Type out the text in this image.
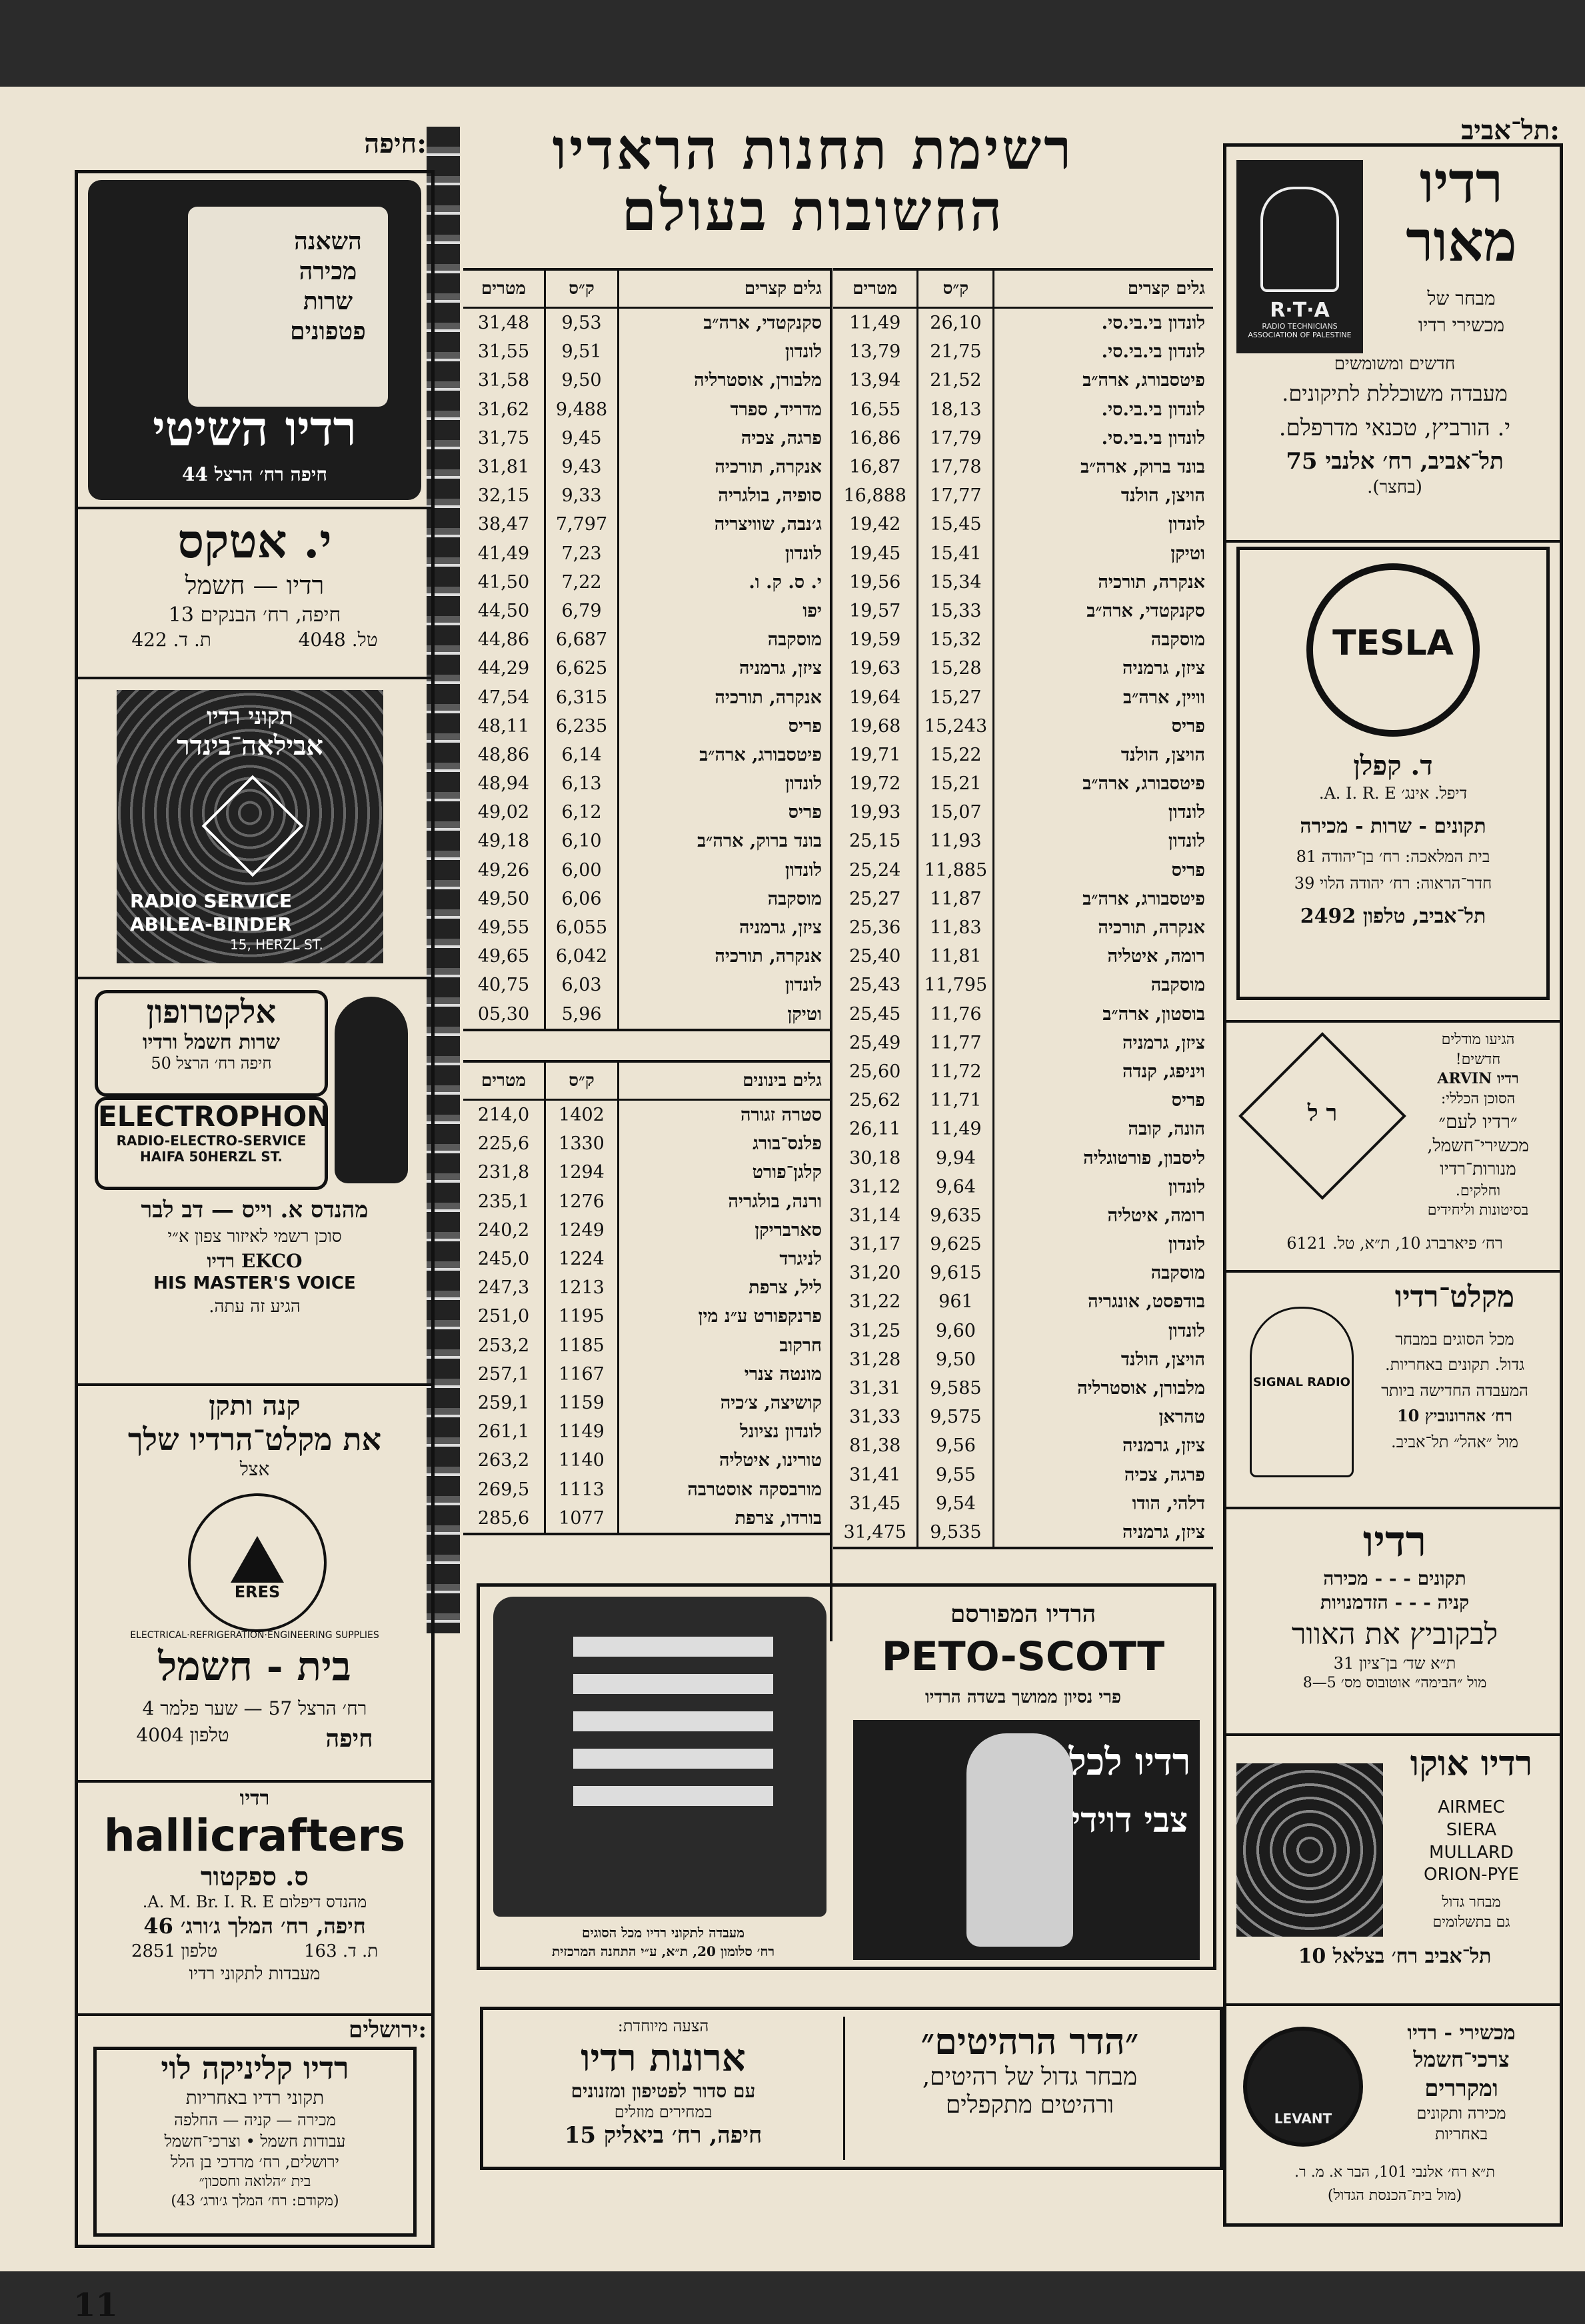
:חיפה	:תל־אביב
רשימת תחנות הראדיו
החשובות בעולם
גלים קצרים
ק״ס
מטרים
לונדון בי.בי.סי.
26,10
11,49
לונדון בי.בי.סי.
21,75
13,79
פיטסבורג, ארה״ב
21,52
13,94
לונדון בי.בי.סי.
18,13
16,55
לונדון בי.בי.סי.
17,79
16,86
בונד ברוק, ארה״ב
17,78
16,87
הויצן, הולנד
17,77
16,888
לונדון
15,45
19,42
וטיקן
15,41
19,45
אנקרה, תורכיה
15,34
19,56
סקנקטדי, ארה״ב
15,33
19,57
מוסקבה
15,32
19,59
ציזן, גרמניה
15,28
19,63
וויין, ארה״ב
15,27
19,64
פריס
15,243
19,68
הויצן, הולנד
15,22
19,71
פיטסבורג, ארה״ב
15,21
19,72
לונדון
15,07
19,93
לונדון
11,93
25,15
פריס
11,885
25,24
פיטסבורג, ארה״ב
11,87
25,27
אנקרה, תורכיה
11,83
25,36
רומה, איטליה
11,81
25,40
מוסקבה
11,795
25,43
בוסטון, ארה״ב
11,76
25,45
ציזן, גרמניה
11,77
25,49
ויניפג, קנדה
11,72
25,60
פריס
11,71
25,62
הונה, קובה
11,49
26,11
ליסבון, פורטוגליה
9,94
30,18
לונדון
9,64
31,12
רומה, איטליה
9,635
31,14
לונדון
9,625
31,17
מוסקבה
9,615
31,20
בודפסט, אונגריה
961
31,22
לונדון
9,60
31,25
הויצן, הולנד
9,50
31,28
מלבורן, אוסטרליה
9,585
31,31
טהראן
9,575
31,33
ציזן, גרמניה
9,56
81,38
פרגה, צכיה
9,55
31,41
דלהי, הודו
9,54
31,45
ציזן, גרמניה
9,535
31,475
גלים קצרים
ק״ס
מטרים
סקנקטדי, ארה״ב
9,53
31,48
לונדון
9,51
31,55
מלבורן, אוסטרליה
9,50
31,58
מדריד, ספרד
9,488
31,62
פרגה, צכיה
9,45
31,75
אנקרה, תורכיה
9,43
31,81
סופיה, בולגריה
9,33
32,15
ג׳נבה, שוויצריה
7,797
38,47
לונדון
7,23
41,49
י. ס. ק. ו.
7,22
41,50
יפו
6,79
44,50
מוסקבה
6,687
44,86
ציזן, גרמניה
6,625
44,29
אנקרה, תורכיה
6,315
47,54
פריס
6,235
48,11
פיטסבורג, ארה״ב
6,14
48,86
לונדון
6,13
48,94
פריס
6,12
49,02
בונד ברוק, ארה״ב
6,10
49,18
לונדון
6,00
49,26
מוסקבה
6,06
49,50
ציזן, גרמניה
6,055
49,55
אנקרה, תורכיה
6,042
49,65
לונדון
6,03
40,75
וטיקן
5,96
05,30
גלים בינונים
ק״ס
מטרים
סטרה זגורה
1402
214,0
פלנס־בורג
1330
225,6
קלגן־פורט
1294
231,8
ורנה, בולגריה
1276
235,1
סארבריקן
1249
240,2
לניגרד
1224
245,0
ליל, צרפת
1213
247,3
פרנקפורט ע״נ מין
1195
251,0
חרקוב
1185
253,2
מונטה צנרי
1167
257,1
קושיצה, צ׳כיה
1159
259,1
לונדון נציונל
1149
261,1
טורינו, איטליה
1140
263,2
מורבסקה אוסטרבה
1113
269,5
בורדו, צרפת
1077
285,6
השאנה
מכירה
שרות
פטפונים
רדיו השיטי
חיפה רח׳ הרצל 44
י. אטקס
רדיו — חשמל
חיפה, רח׳ הבנקים 13
טל. 4048
ת. ד. 422
תקוני רדיו
אבילאה־בינדר
RADIO SERVICE
ABILEA-BINDER
15, HERZL ST.
אלקטרופון
שרות חשמל ורדיו
חיפה רח׳ הרצל 50
ELECTROPHON
RADIO-ELECTRO-SERVICE
HAIFA 50HERZL ST.
מהנדס א. וייס — דב לבר
סוכן רשמי לאיזור צפון א״י
EKCO רדיו
HIS MASTER'S VOICE
הגיע זה עתה.
קנה ותקן
את מקלט־הרדיו שלך
אצל
ERES
ELECTRICAL·REFRIGERATION·ENGINEERING SUPPLIES
בית - חשמל
רח׳ הרצל 57 — שער פלמר 4
חיפה
טלפון 4004
רדיו
hallicrafters
ס. ספקטור
מהנדס דיפלום A. M. Br. I. R. E.
חיפה, רח׳ המלך ג׳ורג׳ 46
ת. ד. 163
טלפון 2851
מעבדות לתקוני רדיו
:ירושלים
רדיו קליניקה לוי
תקוני רדיו באחריות
מכירה — קניה — החלפה
עבודות חשמל • וצרכי־חשמל
ירושלים, רח׳ מרדכי בן הלל
בית ״הלואה וחסכון״
(מקודם: רח׳ המלך ג׳ורג׳ 43)
R·T·A
RADIO TECHNICIANS ASSOCIATION OF PALESTINE
רדיו
מאור
מבחר של
מכשירי רדיו
חדשים ומשומשים
מעבדה משוכללת לתיקונים.
י. הורביץ, טכנאי מדרפלם.
תל־אביב, רח׳ אלנבי 75
(בחצר).
TESLA
ד. קפלן
דיפל. אינג׳ A. I. R. E.
תקונים - שרות - מכירה
בית המלאכה: רח׳ בן־יהודה 81
חדר־הראוה: רח׳ יהודה הלוי 39
תל־אביב, טלפון 2492
הגיעו מודלים
חדשים!
רדיו ARVIN
הסוכן הכללי:
״רדיו לעם״
מכשירי־חשמל,
מנורות־רדיו
וחלקים.
בסיטונות וליחידים
ר ל
רח׳ פיארברג 10, ת״א, טל. 6121
SIGNAL RADIO
מקלט־רדיו
מכל הסוגים במבחר
גדול. תקונים באחריות.
המעבדה החדישה ביותר
רח׳ אהרונוביץ 10
מול ״אהל״ תל־אביב.
רדיו
תקונים - - - מכירה
קניה - - - הזדמנויות
לבקוביץ את האוור
ת״א שד׳ בן־ציון 31
מול ״הבימה״ אוטובוס מס׳ 5—8
רדיו אוקו
AIRMEC
SIERA
MULLARD
ORION-PYE
מבחר גדול
גם בתשלומים
תל־אביב רח׳ בצלאל 10
LEVANT
מכשירי - רדיו
צרכי־חשמל
ומקררים
מכירה ותקונים
באחריות
ת״א רח׳ אלנבי 101, הבר א. מ. ר.
(מול בית־הכנסת הגדול)
מעבדה לתקוני רדיו מכל הסוגים
רח׳ סלומון 20, ת״א, ע״י התחנה המרכזית
הרדיו המפורסם
PETO-SCOTT
פרי נסיון ממושך בשדה הרדיו
רדיו לכל
צבי דוידי
הצעה מיוחדת:
ארונות רדיו
עם סדור לפטיפון ומזנונים
במחירים מוזלים
חיפה, רח׳ ביאליק 15
״הדר הרהיטים״
מבחר גדול של רהיטים,
ורהיטים מתקפלים
11
